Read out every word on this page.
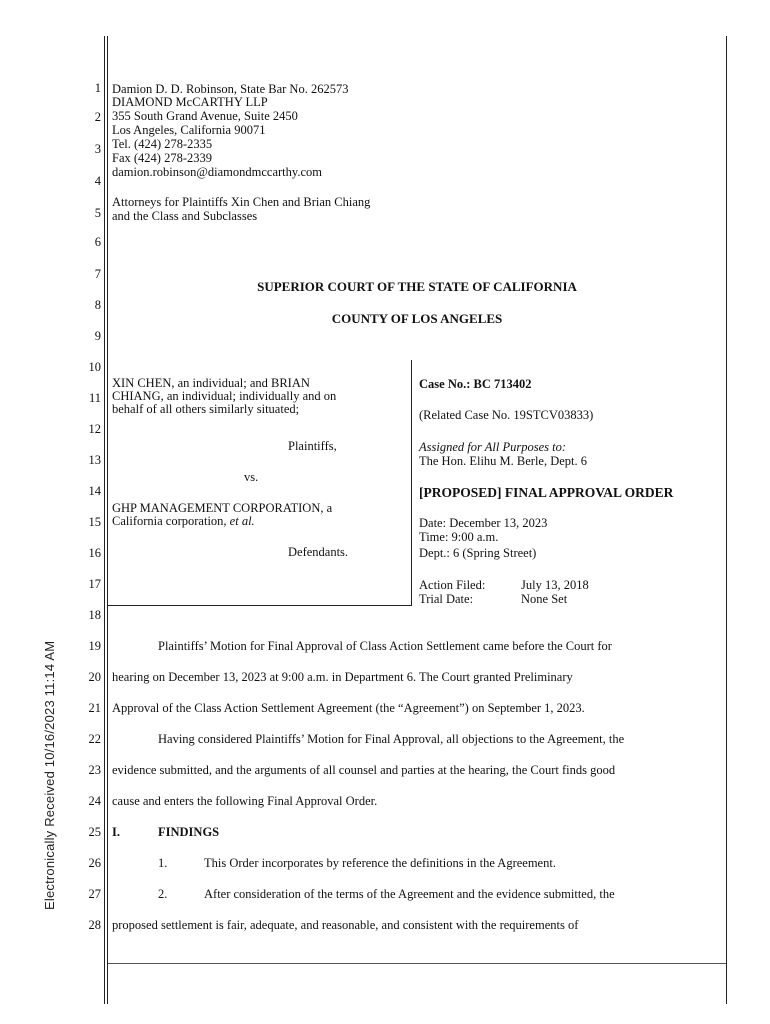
Electronically Received 10/16/2023 11:14 AM
1
2
3
4
5
6
7
8
9
10
11
12
13
14
15
16
17
18
19
20
21
22
23
24
25
26
27
28
Damion D. D. Robinson, State Bar No. 262573
DIAMOND McCARTHY LLP
355 South Grand Avenue, Suite 2450
Los Angeles, California 90071
Tel. (424) 278-2335
Fax (424) 278-2339
damion.robinson@diamondmccarthy.com
Attorneys for Plaintiffs Xin Chen and Brian Chiang
and the Class and Subclasses
SUPERIOR COURT OF THE STATE OF CALIFORNIA
COUNTY OF LOS ANGELES
XIN CHEN, an individual; and BRIAN
CHIANG, an individual; individually and on
behalf of all others similarly situated;
Plaintiffs,
vs.
GHP MANAGEMENT CORPORATION, a
California corporation, et al.
Defendants.
Case No.: BC 713402
(Related Case No. 19STCV03833)
Assigned for All Purposes to:
The Hon. Elihu M. Berle, Dept. 6
[PROPOSED] FINAL APPROVAL ORDER
Date: December 13, 2023
Time: 9:00 a.m.
Dept.: 6 (Spring Street)
Action Filed:	July 13, 2018
Trial Date:	None Set
Plaintiffs’ Motion for Final Approval of Class Action Settlement came before the Court for
hearing on December 13, 2023 at 9:00 a.m. in Department 6. The Court granted Preliminary
Approval of the Class Action Settlement Agreement (the “Agreement”) on September 1, 2023.
Having considered Plaintiffs’ Motion for Final Approval, all objections to the Agreement, the
evidence submitted, and the arguments of all counsel and parties at the hearing, the Court finds good
cause and enters the following Final Approval Order.
I.	FINDINGS
1.	This Order incorporates by reference the definitions in the Agreement.
2.	After consideration of the terms of the Agreement and the evidence submitted, the
proposed settlement is fair, adequate, and reasonable, and consistent with the requirements of
